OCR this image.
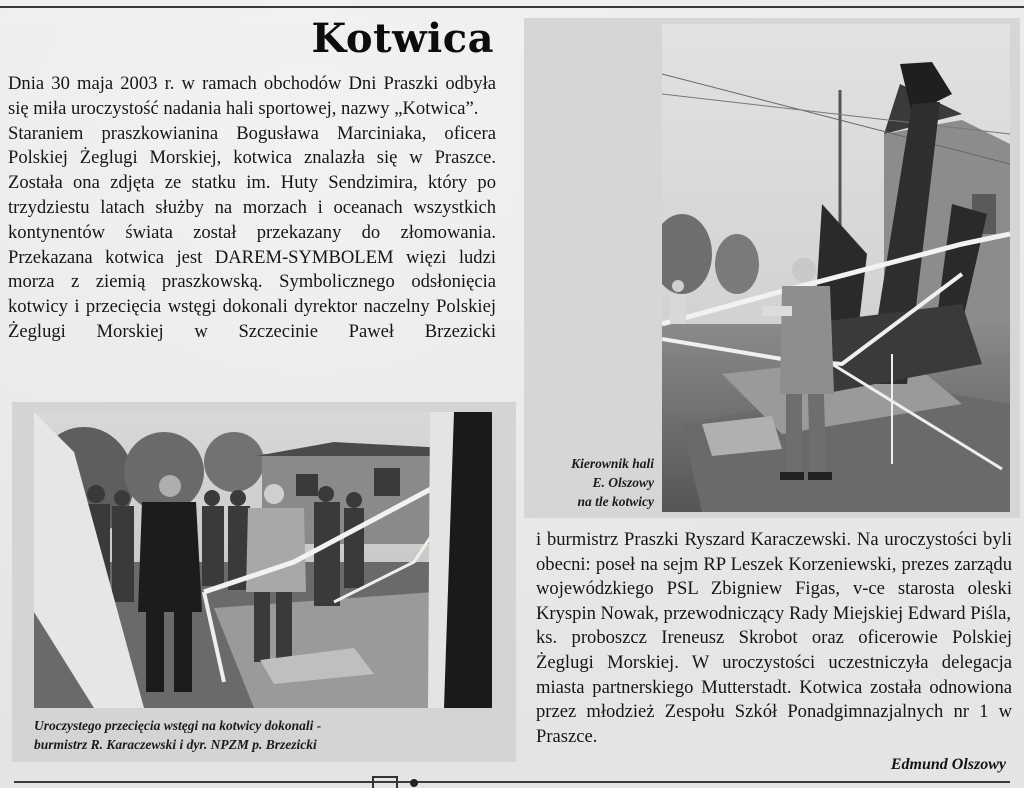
Kotwica

Dnia 30 maja 2003 r. w ramach obchodów Dni Praszki odbyła się miła uroczystość nadania hali sportowej, nazwy „Kotwica”.

Staraniem praszkowianina Bogusława Marciniaka, oficera Polskiej Żeglugi Morskiej, kotwica znalazła się w Praszce. Została ona zdjęta ze statku im. Huty Sendzimira, który po trzydziestu latach służby na morzach i oceanach wszystkich kontynentów świata został przekazany do złomowania. Przekazana kotwica jest DAREM-SYMBOLEM więzi ludzi morza z ziemią praszkowską. Symbolicznego odsłonięcia kotwicy i przecięcia wstęgi dokonali dyrektor naczelny Polskiej Żeglugi Morskiej w Szczecinie Paweł Brzezicki

Kierownik hali
E. Olszowy
na tle kotwicy
Uroczystego przecięcia wstęgi na kotwicy dokonali -
burmistrz R. Karaczewski i dyr. NPZM p. Brzezicki

i burmistrz Praszki Ryszard Karaczewski. Na uroczystości byli obecni: poseł na sejm RP Leszek Korzeniewski, prezes zarządu wojewódzkiego PSL Zbigniew Figas, v-ce starosta oleski Kryspin Nowak, przewodniczący Rady Miejskiej Edward Piśla,

ks. proboszcz Ireneusz Skrobot oraz oficerowie Polskiej Żeglugi Morskiej. W uroczystości uczestniczyła delegacja miasta partnerskiego Mutterstadt. Kotwica została odnowiona przez młodzież Zespołu Szkół Ponadgimnazjalnych nr 1 w Praszce.

Edmund Olszowy
